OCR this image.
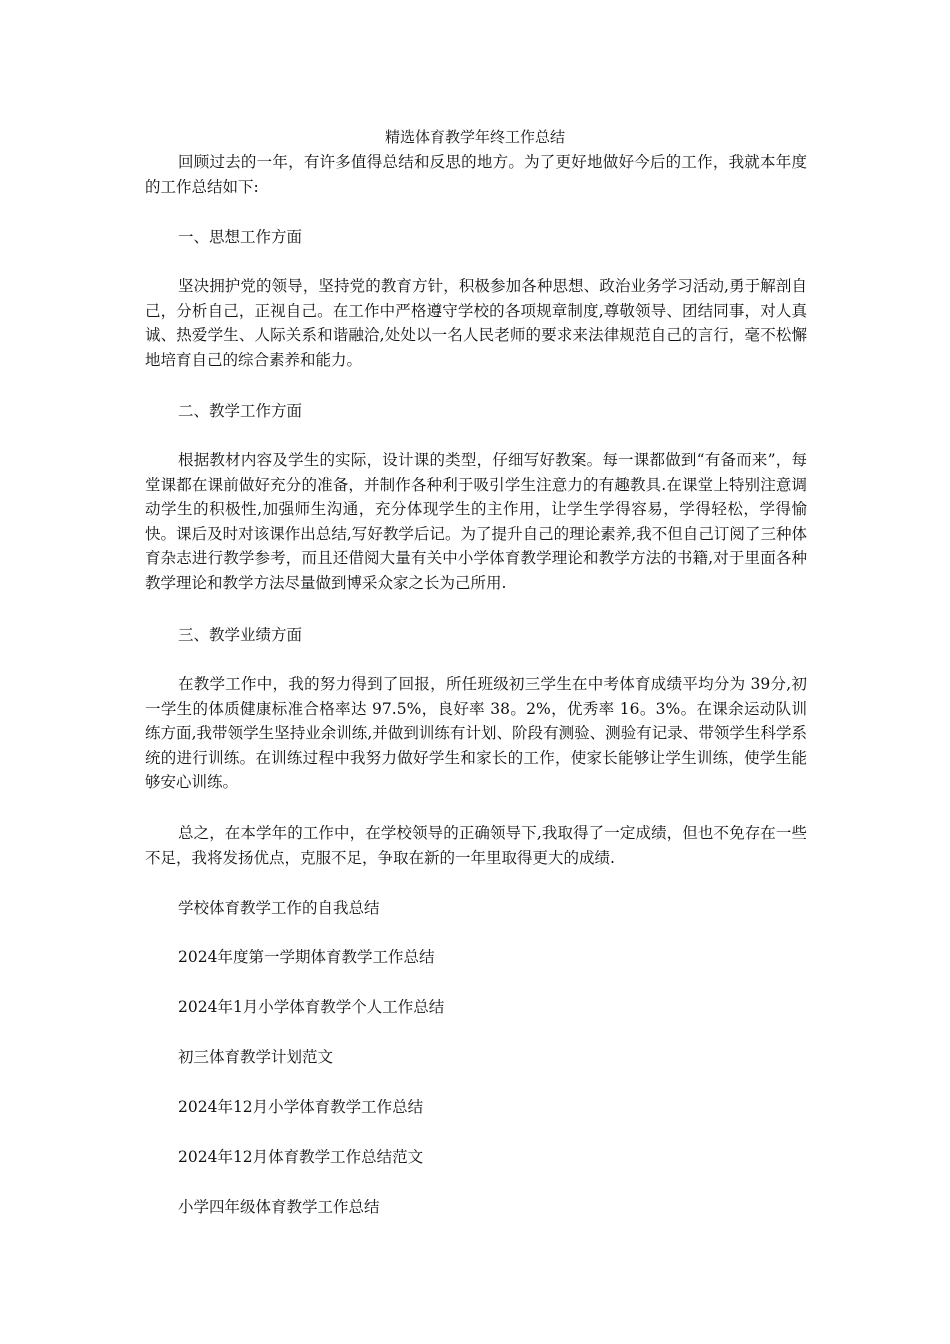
精选体育教学年终工作总结

回顾过去的一年，有许多值得总结和反思的地方。为了更好地做好今后的工作，我就本年度的工作总结如下:

一、思想工作方面

坚决拥护党的领导，坚持党的教育方针，积极参加各种思想、政治业务学习活动,勇于解剖自己，分析自己，正视自己。在工作中严格遵守学校的各项规章制度,尊敬领导、团结同事，对人真诚、热爱学生、人际关系和谐融洽,处处以一名人民老师的要求来法律规范自己的言行，毫不松懈地培育自己的综合素养和能力。

二、教学工作方面

根据教材内容及学生的实际，设计课的类型，仔细写好教案。每一课都做到“有备而来”，每堂课都在课前做好充分的准备，并制作各种利于吸引学生注意力的有趣教具.在课堂上特别注意调动学生的积极性,加强师生沟通，充分体现学生的主作用，让学生学得容易，学得轻松，学得愉快。课后及时对该课作出总结,写好教学后记。为了提升自己的理论素养,我不但自己订阅了三种体育杂志进行教学参考，而且还借阅大量有关中小学体育教学理论和教学方法的书籍,对于里面各种教学理论和教学方法尽量做到博采众家之长为己所用.

三、教学业绩方面

在教学工作中，我的努力得到了回报，所任班级初三学生在中考体育成绩平均分为 39分,初一学生的体质健康标准合格率达 97.5%，良好率 38。2%，优秀率 16。3%。在课余运动队训练方面,我带领学生坚持业余训练,并做到训练有计划、阶段有测验、测验有记录、带领学生科学系统的进行训练。在训练过程中我努力做好学生和家长的工作，使家长能够让学生训练，使学生能够安心训练。

总之，在本学年的工作中，在学校领导的正确领导下,我取得了一定成绩，但也不免存在一些不足，我将发扬优点，克服不足，争取在新的一年里取得更大的成绩.

学校体育教学工作的自我总结

2024年度第一学期体育教学工作总结

2024年1月小学体育教学个人工作总结

初三体育教学计划范文

2024年12月小学体育教学工作总结

2024年12月体育教学工作总结范文

小学四年级体育教学工作总结
